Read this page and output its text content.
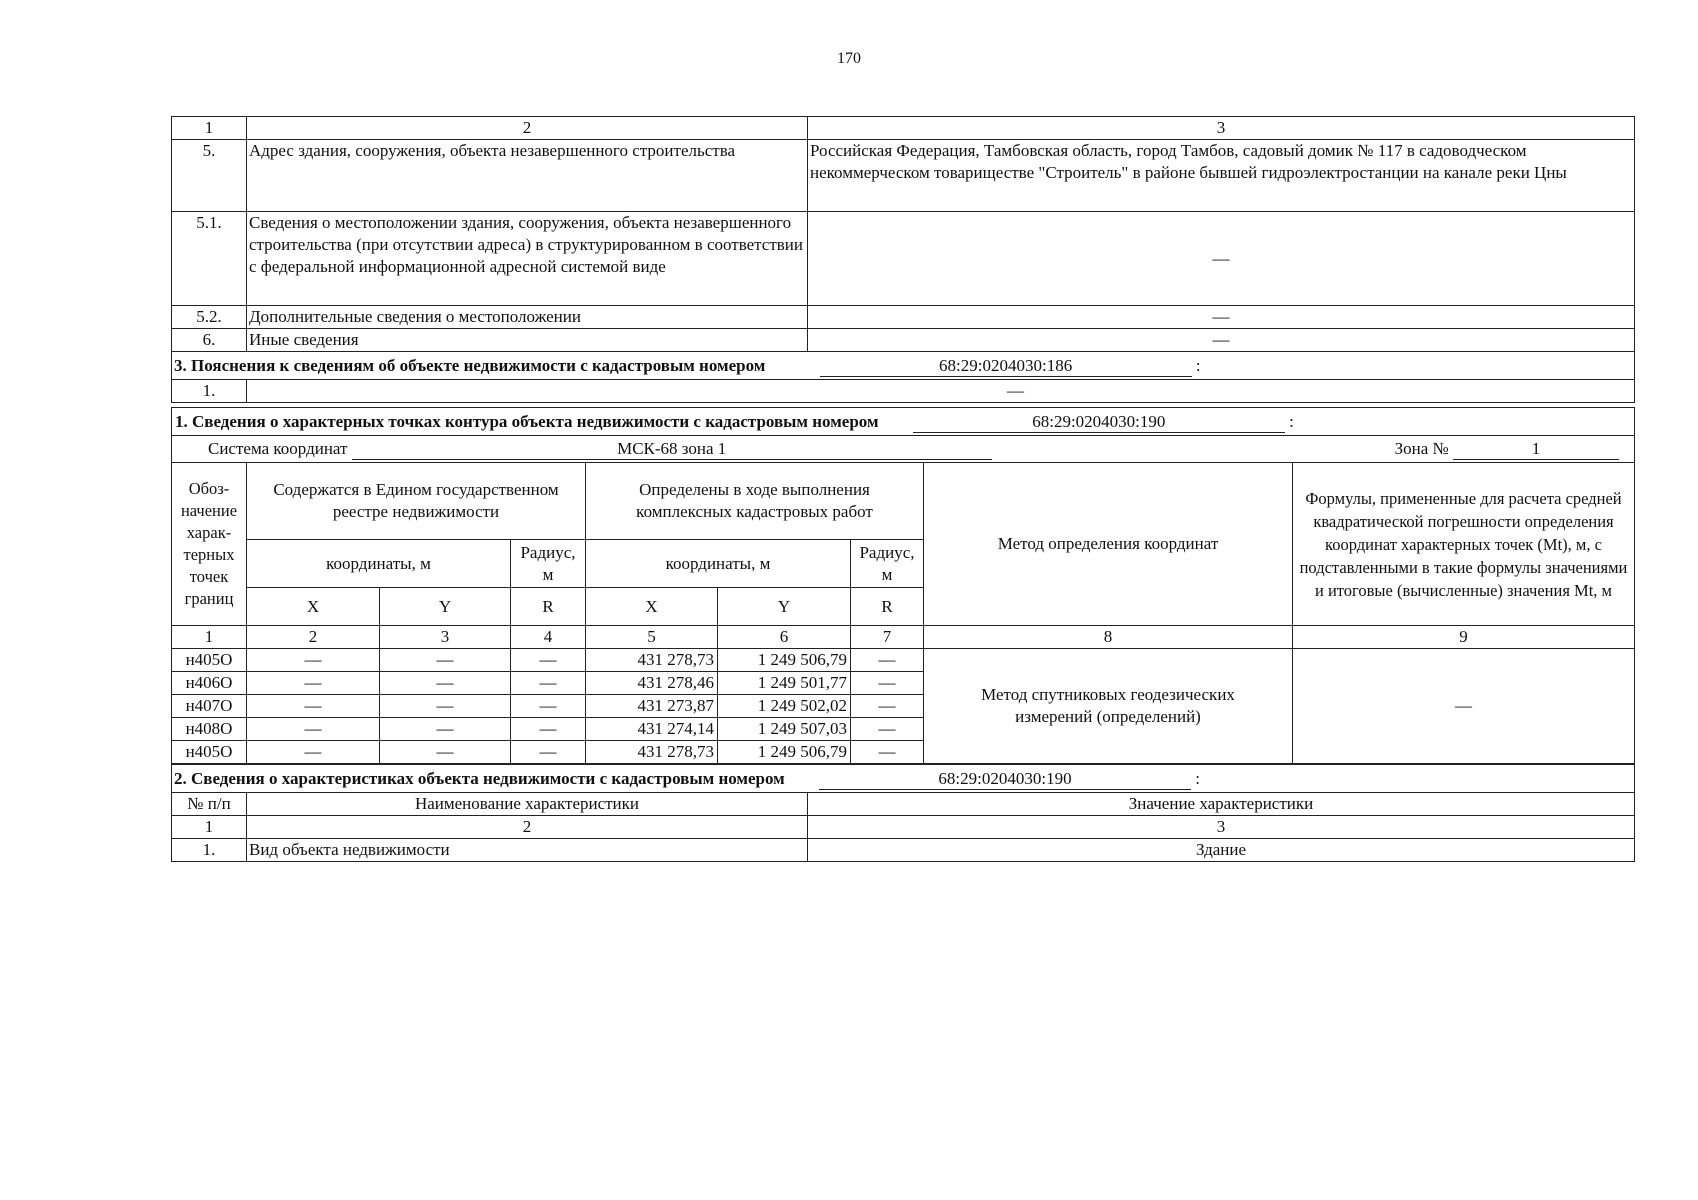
170
1	2	3
5.	Адрес здания, сооружения, объекта незавершенного строительства	Российская Федерация, Тамбовская область, город Тамбов, садовый домик № 117 в садоводческом некоммерческом товариществе "Строитель" в районе бывшей гидроэлектростанции на канале реки Цны
5.1.	Сведения о местоположении здания, сооружения, объекта незавершенного строительства (при отсутствии адреса) в структурированном в соответствии с федеральной информационной адресной системой виде	—
5.2.	Дополнительные сведения о местоположении	—
6.	Иные сведения	—
3. Пояснения к сведениям об объекте недвижимости с кадастровым номером 68:29:0204030:186 :		
1.	—	
1. Сведения о характерных точках контура объекта недвижимости с кадастровым номером 68:29:0204030:190 :								
Система координат МСК-68 зона 1 Зона № 1								

Обоз-начение харак-терных точек границ	Содержатся в Едином государственном реестре недвижимости			Определены в ходе выполнения комплексных кадастровых работ			Метод определения координат	Формулы, примененные для расчета средней квадратической погрешности определения координат характерных точек (Mt), м, с подставленными в такие формулы значениями и итоговые (вычисленные) значения Mt, м
	координаты, м		Радиус, м	координаты, м		Радиус, м		
	X	Y	R	X	Y	R		
1	2	3	4	5	6	7	8	9
н405О	—	—	—	431 278,73	1 249 506,79	—	Метод спутниковых геодезических измерений (определений)	—
н406О	—	—	—	431 278,46	1 249 501,77	—		
н407О	—	—	—	431 273,87	1 249 502,02	—		
н408О	—	—	—	431 274,14	1 249 507,03	—		
н405О	—	—	—	431 278,73	1 249 506,79	—		
2. Сведения о характеристиках объекта недвижимости с кадастровым номером 68:29:0204030:190 :		
№ п/п	Наименование характеристики	Значение характеристики
1	2	3
1.	Вид объекта недвижимости	Здание
